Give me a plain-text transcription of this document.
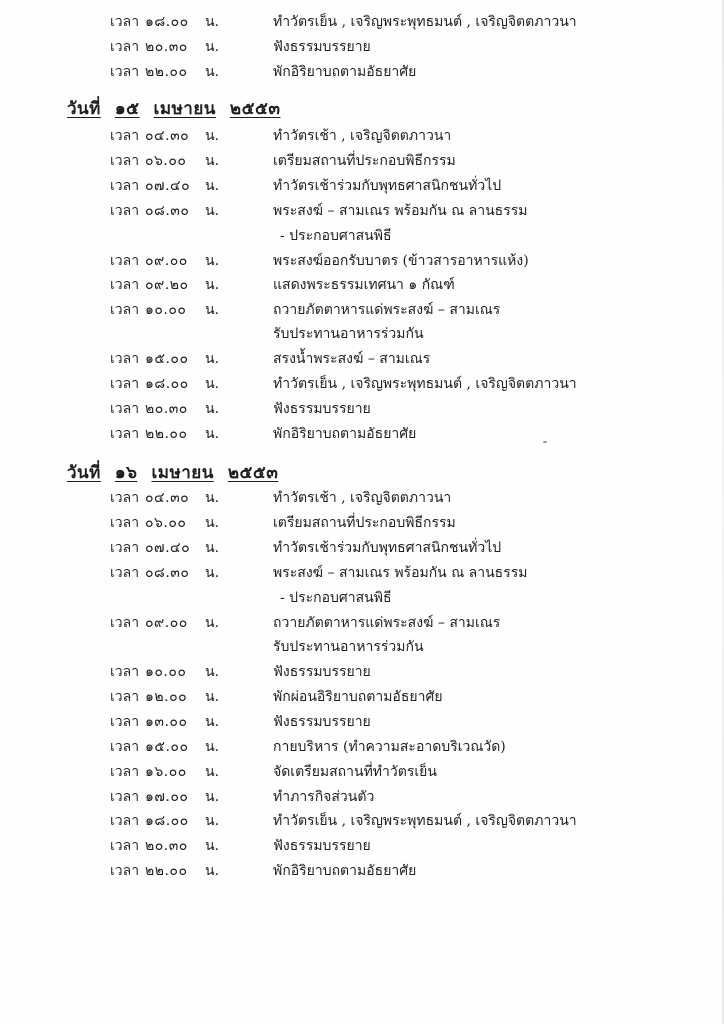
เวลา ๑๘.๐๐ น.	ทำวัตรเย็น , เจริญพระพุทธมนต์ , เจริญจิตตภาวนา
เวลา ๒๐.๓๐ น.	ฟังธรรมบรรยาย
เวลา ๒๒.๐๐ น.	พักอิริยาบถตามอัธยาศัย
วันที่ ๑๕ เมษายน ๒๕๕๓
เวลา ๐๔.๓๐ น.	ทำวัตรเช้า , เจริญจิตตภาวนา
เวลา ๐๖.๐๐ น.	เตรียมสถานที่ประกอบพิธีกรรม
เวลา ๐๗.๔๐ น.	ทำวัตรเช้าร่วมกับพุทธศาสนิกชนทั่วไป
เวลา ๐๘.๓๐ น.	พระสงฆ์ – สามเณร พร้อมกัน ณ ลานธรรม
- ประกอบศาสนพิธี
เวลา ๐๙.๐๐ น.	พระสงฆ์ออกรับบาตร (ข้าวสารอาหารแห้ง)
เวลา ๐๙.๒๐ น.	แสดงพระธรรมเทศนา ๑ กัณฑ์
เวลา ๑๐.๐๐ น.	ถวายภัตตาหารแด่พระสงฆ์ – สามเณร
รับประทานอาหารร่วมกัน
เวลา ๑๕.๐๐ น.	สรงน้ำพระสงฆ์ – สามเณร
เวลา ๑๘.๐๐ น.	ทำวัตรเย็น , เจริญพระพุทธมนต์ , เจริญจิตตภาวนา
เวลา ๒๐.๓๐ น.	ฟังธรรมบรรยาย
เวลา ๒๒.๐๐ น.	พักอิริยาบถตามอัธยาศัย
วันที่ ๑๖ เมษายน ๒๕๕๓
เวลา ๐๔.๓๐ น.	ทำวัตรเช้า , เจริญจิตตภาวนา
เวลา ๐๖.๐๐ น.	เตรียมสถานที่ประกอบพิธีกรรม
เวลา ๐๗.๔๐ น.	ทำวัตรเช้าร่วมกับพุทธศาสนิกชนทั่วไป
เวลา ๐๘.๓๐ น.	พระสงฆ์ – สามเณร พร้อมกัน ณ ลานธรรม
- ประกอบศาสนพิธี
เวลา ๐๙.๐๐ น.	ถวายภัตตาหารแด่พระสงฆ์ – สามเณร
รับประทานอาหารร่วมกัน
เวลา ๑๐.๐๐ น.	ฟังธรรมบรรยาย
เวลา ๑๒.๐๐ น.	พักผ่อนอิริยาบถตามอัธยาศัย
เวลา ๑๓.๐๐ น.	ฟังธรรมบรรยาย
เวลา ๑๕.๐๐ น.	กายบริหาร (ทำความสะอาดบริเวณวัด)
เวลา ๑๖.๐๐ น.	จัดเตรียมสถานที่ทำวัตรเย็น
เวลา ๑๗.๐๐ น.	ทำภารกิจส่วนตัว
เวลา ๑๘.๐๐ น.	ทำวัตรเย็น , เจริญพระพุทธมนต์ , เจริญจิตตภาวนา
เวลา ๒๐.๓๐ น.	ฟังธรรมบรรยาย
เวลา ๒๒.๐๐ น.	พักอิริยาบถตามอัธยาศัย
